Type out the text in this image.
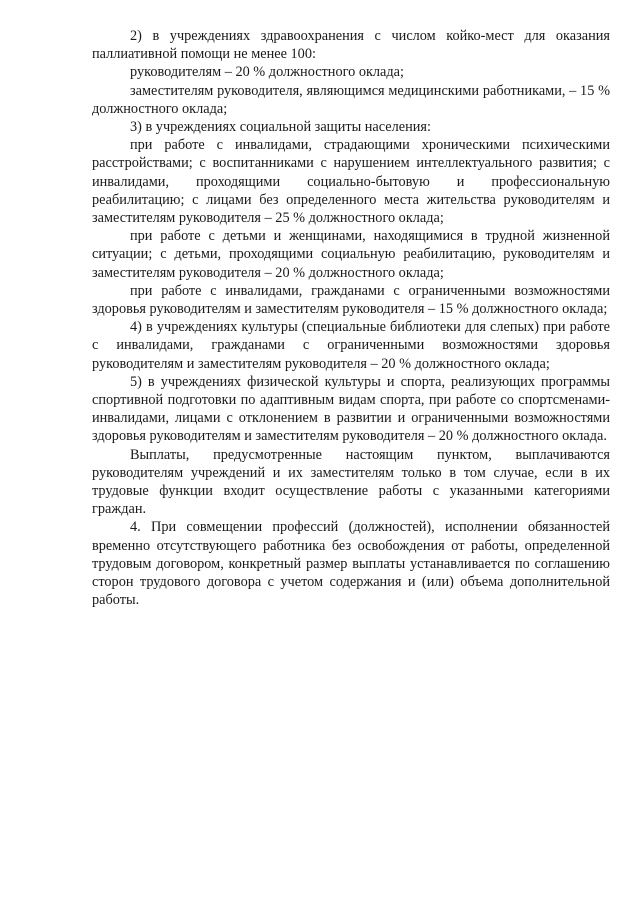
2) в учреждениях здравоохранения с числом койко-мест для оказания паллиативной помощи не менее 100:

руководителям – 20 % должностного оклада;

заместителям руководителя, являющимся медицинскими работниками, – 15 % должностного оклада;

3) в учреждениях социальной защиты населения:

при работе с инвалидами, страдающими хроническими психическими расстройствами; с воспитанниками с нарушением интеллектуального развития; с инвалидами, проходящими социально-бытовую и профессиональную реабилитацию; с лицами без определенного места жительства руководителям и заместителям руководителя – 25 % должностного оклада;

при работе с детьми и женщинами, находящимися в трудной жизненной ситуации; с детьми, проходящими социальную реабилитацию, руководителям и заместителям руководителя – 20 % должностного оклада;

при работе с инвалидами, гражданами с ограниченными возможностями здоровья руководителям и заместителям руководителя – 15 % должностного оклада;

4) в учреждениях культуры (специальные библиотеки для слепых) при работе с инвалидами, гражданами с ограниченными возможностями здоровья руководителям и заместителям руководителя – 20 % должностного оклада;

5) в учреждениях физической культуры и спорта, реализующих программы спортивной подготовки по адаптивным видам спорта, при работе со спортсменами-инвалидами, лицами с отклонением в развитии и ограниченными возможностями здоровья руководителям и заместителям руководителя – 20 % должностного оклада.

Выплаты, предусмотренные настоящим пунктом, выплачиваются руководителям учреждений и их заместителям только в том случае, если в их трудовые функции входит осуществление работы с указанными категориями граждан.

4. При совмещении профессий (должностей), исполнении обязанностей временно отсутствующего работника без освобождения от работы, определенной трудовым договором, конкретный размер выплаты устанавливается по соглашению сторон трудового договора с учетом содержания и (или) объема дополнительной работы.
